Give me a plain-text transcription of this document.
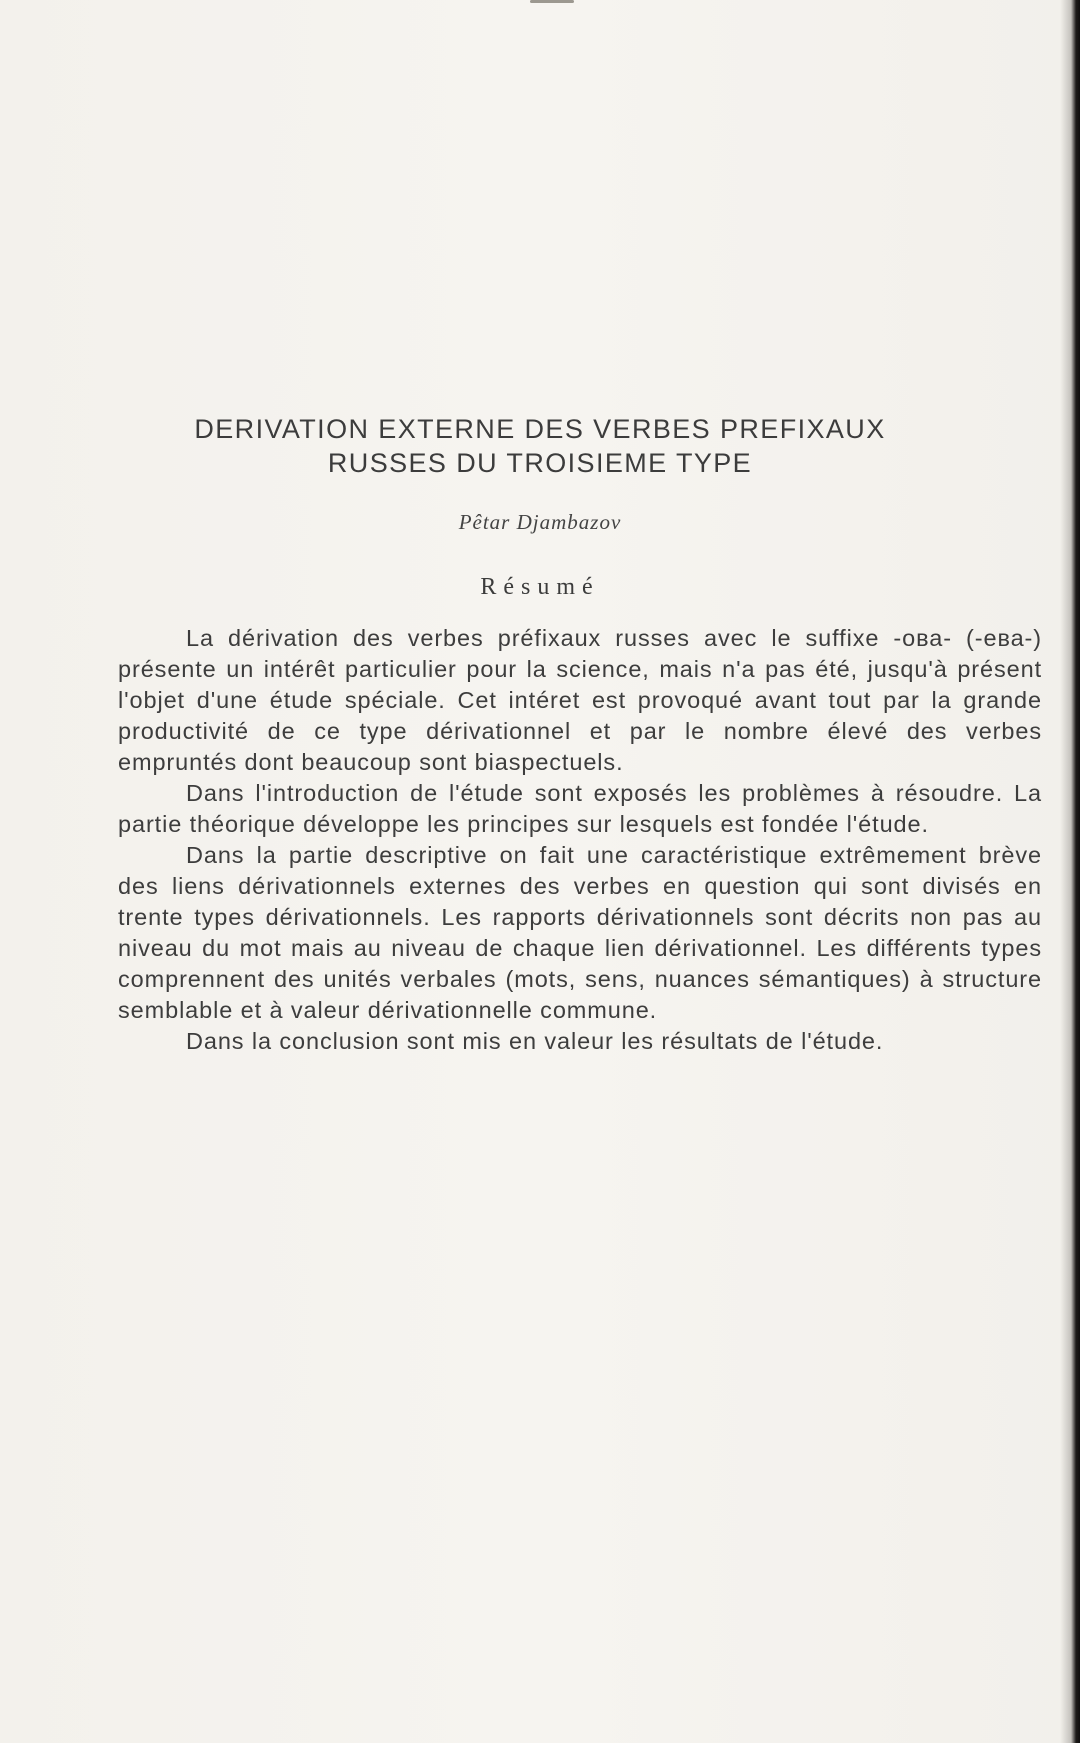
DERIVATION EXTERNE DES VERBES PREFIXAUX
RUSSES DU TROISIEME TYPE
Pêtar Djambazov
Résumé

La dérivation des verbes préfixaux russes avec le suffixe -ова- (-ева-) présente un intérêt particulier pour la science, mais n'a pas été, jusqu'à présent l'objet d'une étude spéciale. Cet intéret est provoqué avant tout par la grande productivité de ce type dérivationnel et par le nombre élevé des verbes empruntés dont beaucoup sont biaspectuels.

Dans l'introduction de l'étude sont exposés les problèmes à résoudre. La partie théorique développe les principes sur lesquels est fondée l'étude.

Dans la partie descriptive on fait une caractéristique extrêmement brève des liens dérivationnels externes des verbes en question qui sont divisés en trente types dérivationnels. Les rapports dérivationnels sont décrits non pas au niveau du mot mais au niveau de chaque lien dérivationnel. Les différents types comprennent des unités verbales (mots, sens, nuances sémantiques) à structure semblable et à valeur dérivationnelle commune.

Dans la conclusion sont mis en valeur les résultats de l'étude.
